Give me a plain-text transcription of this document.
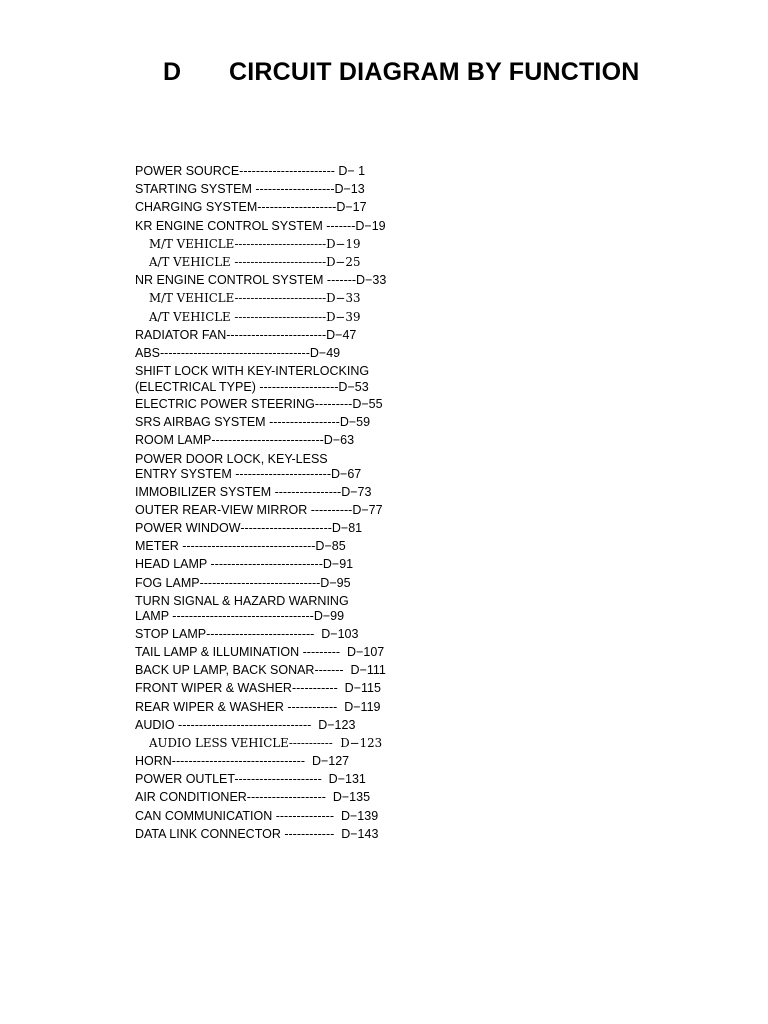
D CIRCUIT DIAGRAM BY FUNCTION
POWER SOURCE----------------------- D− 1
STARTING SYSTEM -------------------D−13
CHARGING SYSTEM-------------------D−17
KR ENGINE CONTROL SYSTEM -------D−19
M/T VEHICLE-----------------------D−19
A/T VEHICLE -----------------------D−25
NR ENGINE CONTROL SYSTEM -------D−33
M/T VEHICLE-----------------------D−33
A/T VEHICLE -----------------------D−39
RADIATOR FAN------------------------D−47
ABS------------------------------------D−49
SHIFT LOCK WITH KEY-INTERLOCKING
(ELECTRICAL TYPE) -------------------D−53
ELECTRIC POWER STEERING---------D−55
SRS AIRBAG SYSTEM -----------------D−59
ROOM LAMP---------------------------D−63
POWER DOOR LOCK, KEY-LESS
ENTRY SYSTEM -----------------------D−67
IMMOBILIZER SYSTEM ----------------D−73
OUTER REAR-VIEW MIRROR ----------D−77
POWER WINDOW----------------------D−81
METER --------------------------------D−85
HEAD LAMP ---------------------------D−91
FOG LAMP-----------------------------D−95
TURN SIGNAL & HAZARD WARNING
LAMP ----------------------------------D−99
STOP LAMP--------------------------  D−103
TAIL LAMP & ILLUMINATION ---------  D−107
BACK UP LAMP, BACK SONAR-------  D−111
FRONT WIPER & WASHER-----------  D−115
REAR WIPER & WASHER ------------  D−119
AUDIO --------------------------------  D−123
AUDIO LESS VEHICLE-----------  D−123
HORN--------------------------------  D−127
POWER OUTLET---------------------  D−131
AIR CONDITIONER-------------------  D−135
CAN COMMUNICATION --------------  D−139
DATA LINK CONNECTOR ------------  D−143
